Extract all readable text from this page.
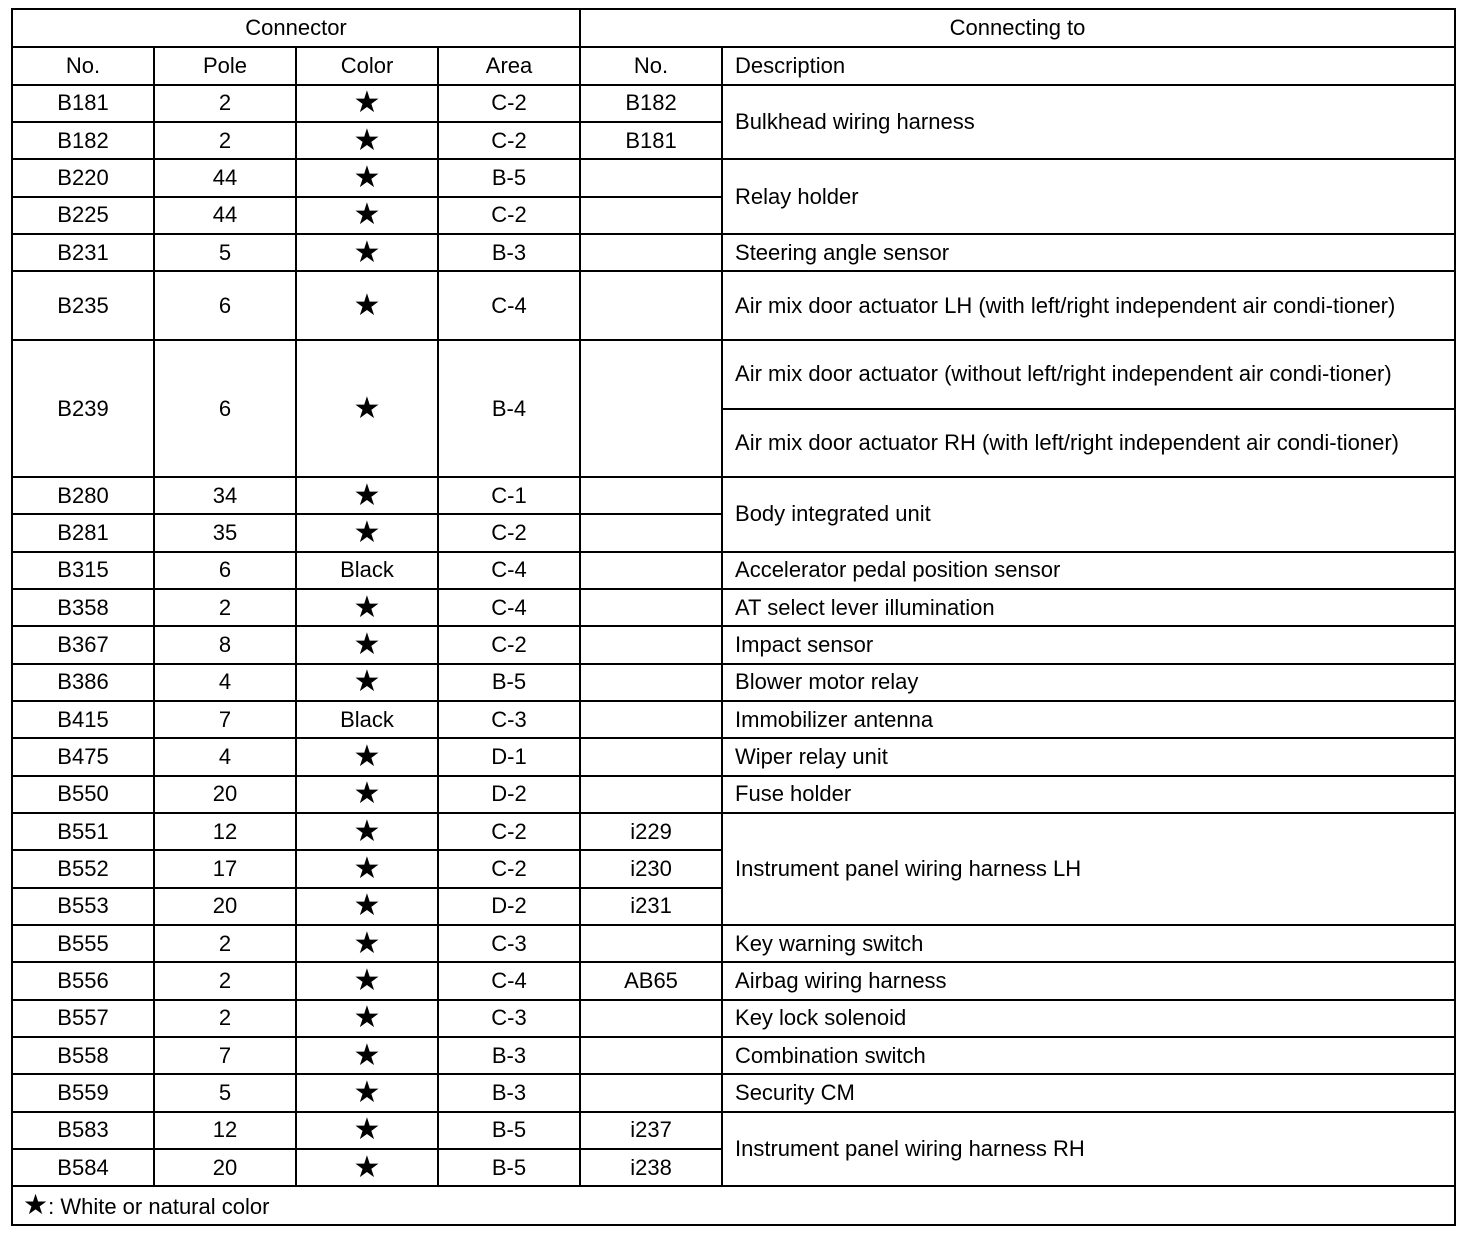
Connector				Connecting to	
No.	Pole	Color	Area	No.	Description
B181	2	★	C-2	B182	Bulkhead wiring harness
B182	2	★	C-2	B181	
B220	44	★	B-5		Relay holder
B225	44	★	C-2		
B231	5	★	B-3		Steering angle sensor
B235	6	★	C-4		Air mix door actuator LH (with left/right independent air condi-tioner)
B239	6	★	B-4		Air mix door actuator (without left/right independent air condi-tioner)
					Air mix door actuator RH (with left/right independent air condi-tioner)
B280	34	★	C-1		Body integrated unit
B281	35	★	C-2		
B315	6	Black	C-4		Accelerator pedal position sensor
B358	2	★	C-4		AT select lever illumination
B367	8	★	C-2		Impact sensor
B386	4	★	B-5		Blower motor relay
B415	7	Black	C-3		Immobilizer antenna
B475	4	★	D-1		Wiper relay unit
B550	20	★	D-2		Fuse holder
B551	12	★	C-2	i229	Instrument panel wiring harness LH
B552	17	★	C-2	i230	
B553	20	★	D-2	i231	
B555	2	★	C-3		Key warning switch
B556	2	★	C-4	AB65	Airbag wiring harness
B557	2	★	C-3		Key lock solenoid
B558	7	★	B-3		Combination switch
B559	5	★	B-3		Security CM
B583	12	★	B-5	i237	Instrument panel wiring harness RH
B584	20	★	B-5	i238	
★: White or natural color					
